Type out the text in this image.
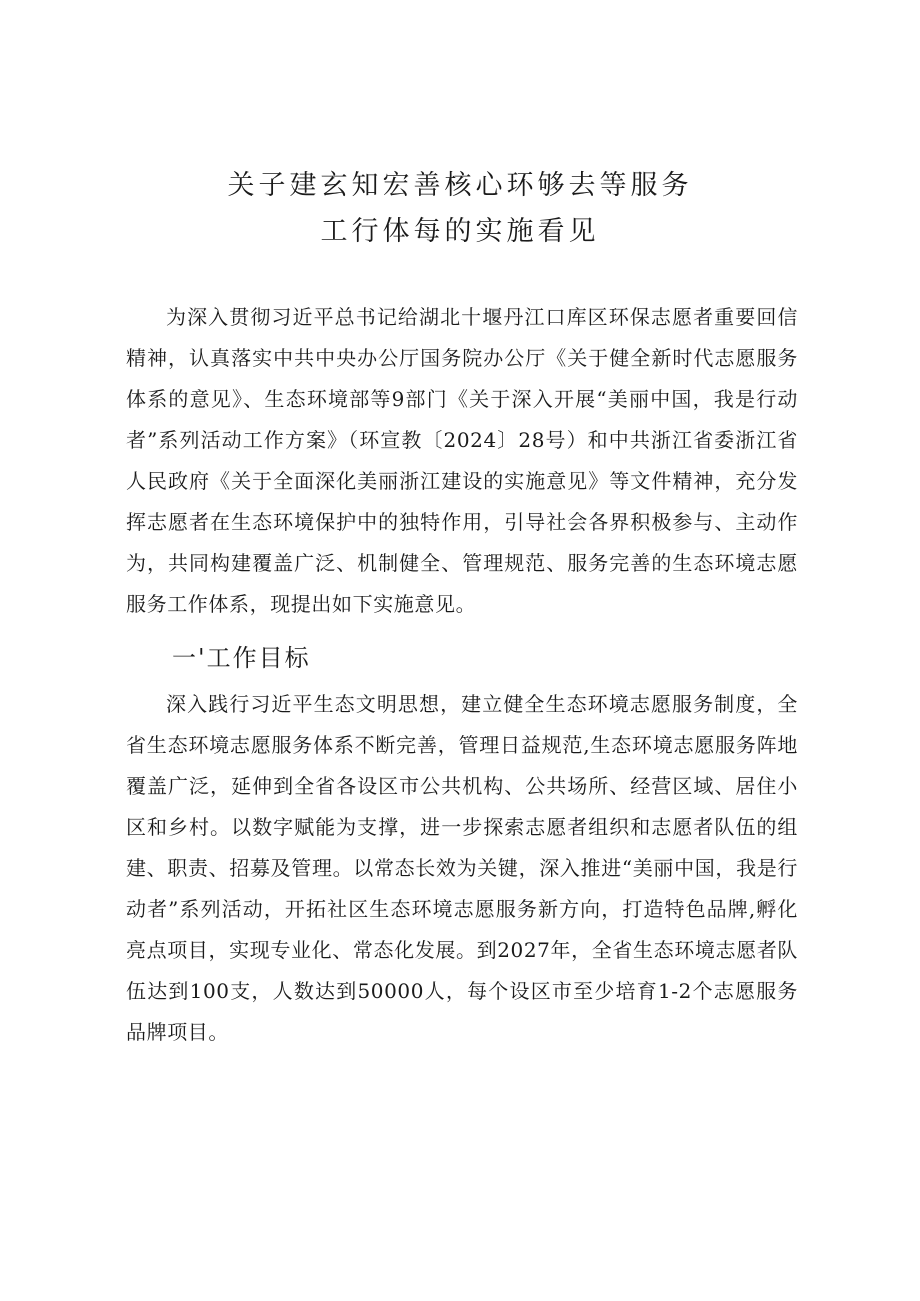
关子建玄知宏善核心环够去等服务
工行体每的实施看见

为深入贯彻习近平总书记给湖北十堰丹江口库区环保志愿者重要回信精神，认真落实中共中央办公厅国务院办公厅《关于健全新时代志愿服务体系的意见》、生态环境部等9部门《关于深入开展“美丽中国，我是行动者”系列活动工作方案》（环宣教〔2024〕28号）和中共浙江省委浙江省人民政府《关于全面深化美丽浙江建设的实施意见》等文件精神，充分发挥志愿者在生态环境保护中的独特作用，引导社会各界积极参与、主动作为，共同构建覆盖广泛、机制健全、管理规范、服务完善的生态环境志愿服务工作体系，现提出如下实施意见。

一'工作目标

深入践行习近平生态文明思想，建立健全生态环境志愿服务制度，全省生态环境志愿服务体系不断完善，管理日益规范,生态环境志愿服务阵地覆盖广泛，延伸到全省各设区市公共机构、公共场所、经营区域、居住小区和乡村。以数字赋能为支撑，进一步探索志愿者组织和志愿者队伍的组建、职责、招募及管理。以常态长效为关键，深入推进“美丽中国，我是行动者”系列活动，开拓社区生态环境志愿服务新方向，打造特色品牌,孵化亮点项目，实现专业化、常态化发展。到2027年，全省生态环境志愿者队伍达到100支，人数达到50000人，每个设区市至少培育1-2个志愿服务品牌项目。
